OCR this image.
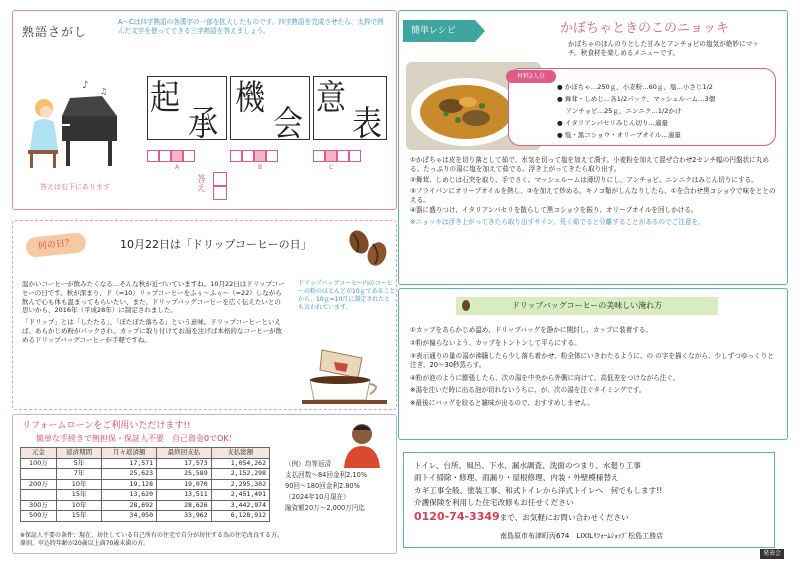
熟語さがし
A〜Cは四字熟語の各漢字の一部を拡大したものです。四字熟語を完成させたら、太枠で囲んだ文字を使ってできる三字熟語を答えましょう。
♪
♫ 起
承
機
会
意
表
A	B	C
答えは右下にあります
答え
簡単レシピ	かぼちゃときのこのニョッキ
かぼちゃのほんのりとした甘みとアンチョビの塩気が絶妙にマッチ。秋食材を楽しめるメニューです。
● かぼちゃ…250ｇ、小麦粉…60ｇ、塩…小さじ1/2
● 舞茸・しめじ…各1/2パック、マッシュルーム…3個
　 アンチョビ…25ｇ、ニンニク…1/2かけ
● イタリアンパセリみじん切り…適量
● 塩・黒コショウ・オリーブオイル…適量
材料2人分
①かぼちゃは皮を切り落として茹で、水気を切って塩を加えて潰す。小麦粉を加えて混ぜ合わせ2センチ幅の円盤状に丸める。たっぷりの湯に塩を加えて茹でる。浮き上がってきたら取り出す。
②舞茸、しめじは石突を取り、手でさく。マッシュルームは薄切りにし、アンチョビ、ニンニクはみじん切りにする。
③フライパンにオリーブオイルを熱し、②を加えて炒める。キノコ類がしんなりしたら、①を合わせ黒コショウで味をととのえる。
④器に盛りつけ、イタリアンパセリを散らして黒コショウを振り、オリーブオイルを回しかける。
※ニョッキは浮き上がってきたら取り出すサイン。長く茹でると分離することがあるのでご注意を。
ドリップバッグコーヒーの美味しい淹れ方
①カップをあらかじめ温め、ドリップバッグを静かに開封し、カップに装着する。
②粉が偏らないよう、カップをトントンして平らにする。
③表示通りの量の湯が沸騰したら少し落ち着かせ、粉全体にいきわたるように、の の字を描くながら、少しずつゆっくりと注ぎ、20〜30秒蒸らす。
④粉が泡のように膨張したら、次の湯を中央から外側に向けて、高低差をつけながら注ぐ。
※湯を注いだ時に出る泡が切れないうちに、が、次の湯を注ぐタイミングです。
※最後にバッグを絞ると雑味が出るので、おすすめしません。
何の日？	10月22日は「ドリップコーヒーの日」

温かいコーヒーが飲みたくなる…そんな秋が近づいていますね。10月22日はドリップコーヒーの日です。秋が深まり、ド（=10）リップコーヒーをふぅ〜ふぅ〜（=22）しながら飲んで心も体も温まってもらいたい、また、ドリップバッグコーヒーを広く伝えたいとの思いから、2016年（平成28年）に制定されました。

「ドリップ」とは「したたる」、「ぽたぽた落ちる」という意味。ドリップコーヒーといえば、あらかじめ粉がパックされ、カップに取り付けてお湯を注げば本格的なコーヒーが飲めるドリップバッグコーヒーが手軽ですね。

ドリップバッグコーヒー内のコーヒーの粉のほとんどが10ｇであることから、10ｇ=10月に制定されたとも言われています。
リフォームローンをご利用いただけます!!
簡単な手続きで無担保・保証人不要　自己資金0でOK！
元金	返済期間	月々返済額	最終回支払	支払総額
100万	5年	17,571	17,573	1,054,262
	7年	25,623	25,589	2,152,298
200万	10年	19,128	19,070	2,295,302
	15年	13,620	13,511	2,451,491
300万	10年	28,692	28,626	3,442,974
500万	15年	34,050	33,962	6,128,912
（例）均等返済
支払回数〜84回金利2.10%
90回〜180回金利2.80%
（2024年10月現在）
融資額20万〜2,000万円迄
※保証人不要の条件：現在、居住している自己所有の住宅で自分が居住する為の住宅改良する方。
原則、申込時年齢が20歳以上満70歳未満の方。
トイレ、台所、風呂、下水、漏水調査、洗面のつまり、水廻り工事
雨トイ掃除・修理、雨漏り・屋根修理、内装・外壁模様替え
カギ工事全般、塗装工事、和式トイレから洋式トイレへ　何でもします!!
介護保険を利用した住宅改修もお任せください
0120-74-3349まで、お気軽にお問い合わせください
南島原市布津町丙674　LIXILﾘﾌｫｰﾑｼｮｯﾌﾟ松島工務店
発表会
